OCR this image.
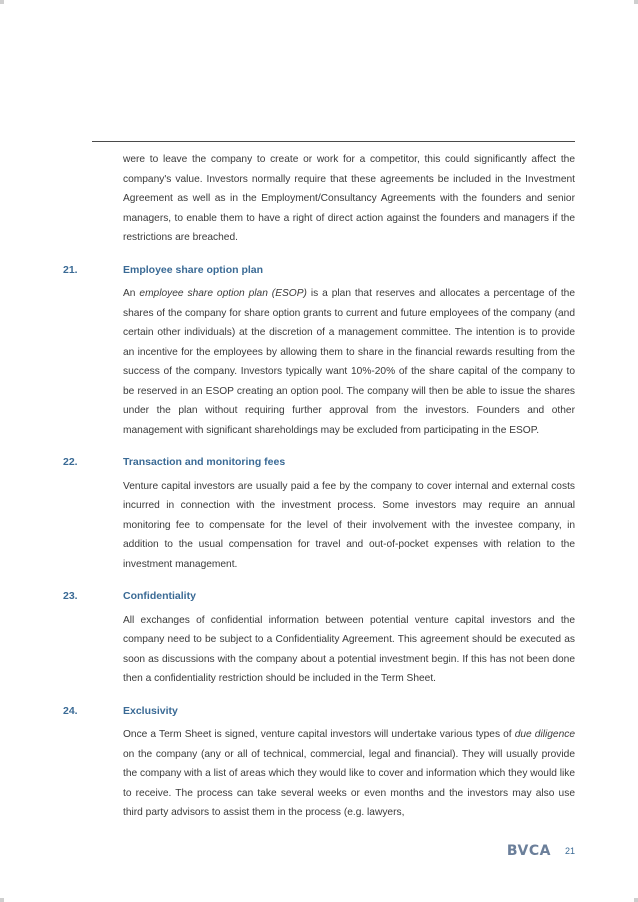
were to leave the company to create or work for a competitor, this could significantly affect the company's value. Investors normally require that these agreements be included in the Investment Agreement as well as in the Employment/Consultancy Agreements with the founders and senior managers, to enable them to have a right of direct action against the founders and managers if the restrictions are breached.

21.	Employee share option plan

An employee share option plan (ESOP) is a plan that reserves and allocates a percentage of the shares of the company for share option grants to current and future employees of the company (and certain other individuals) at the discretion of a management committee. The intention is to provide an incentive for the employees by allowing them to share in the financial rewards resulting from the success of the company. Investors typically want 10%-20% of the share capital of the company to be reserved in an ESOP creating an option pool. The company will then be able to issue the shares under the plan without requiring further approval from the investors. Founders and other management with significant shareholdings may be excluded from participating in the ESOP.

22.	Transaction and monitoring fees

Venture capital investors are usually paid a fee by the company to cover internal and external costs incurred in connection with the investment process. Some investors may require an annual monitoring fee to compensate for the level of their involvement with the investee company, in addition to the usual compensation for travel and out-of-pocket expenses with relation to the investment management.

23.	Confidentiality

All exchanges of confidential information between potential venture capital investors and the company need to be subject to a Confidentiality Agreement. This agreement should be executed as soon as discussions with the company about a potential investment begin. If this has not been done then a confidentiality restriction should be included in the Term Sheet.

24.	Exclusivity

Once a Term Sheet is signed, venture capital investors will undertake various types of due diligence on the company (any or all of technical, commercial, legal and financial). They will usually provide the company with a list of areas which they would like to cover and information which they would like to receive. The process can take several weeks or even months and the investors may also use third party advisors to assist them in the process (e.g. lawyers,

BVCA 21
